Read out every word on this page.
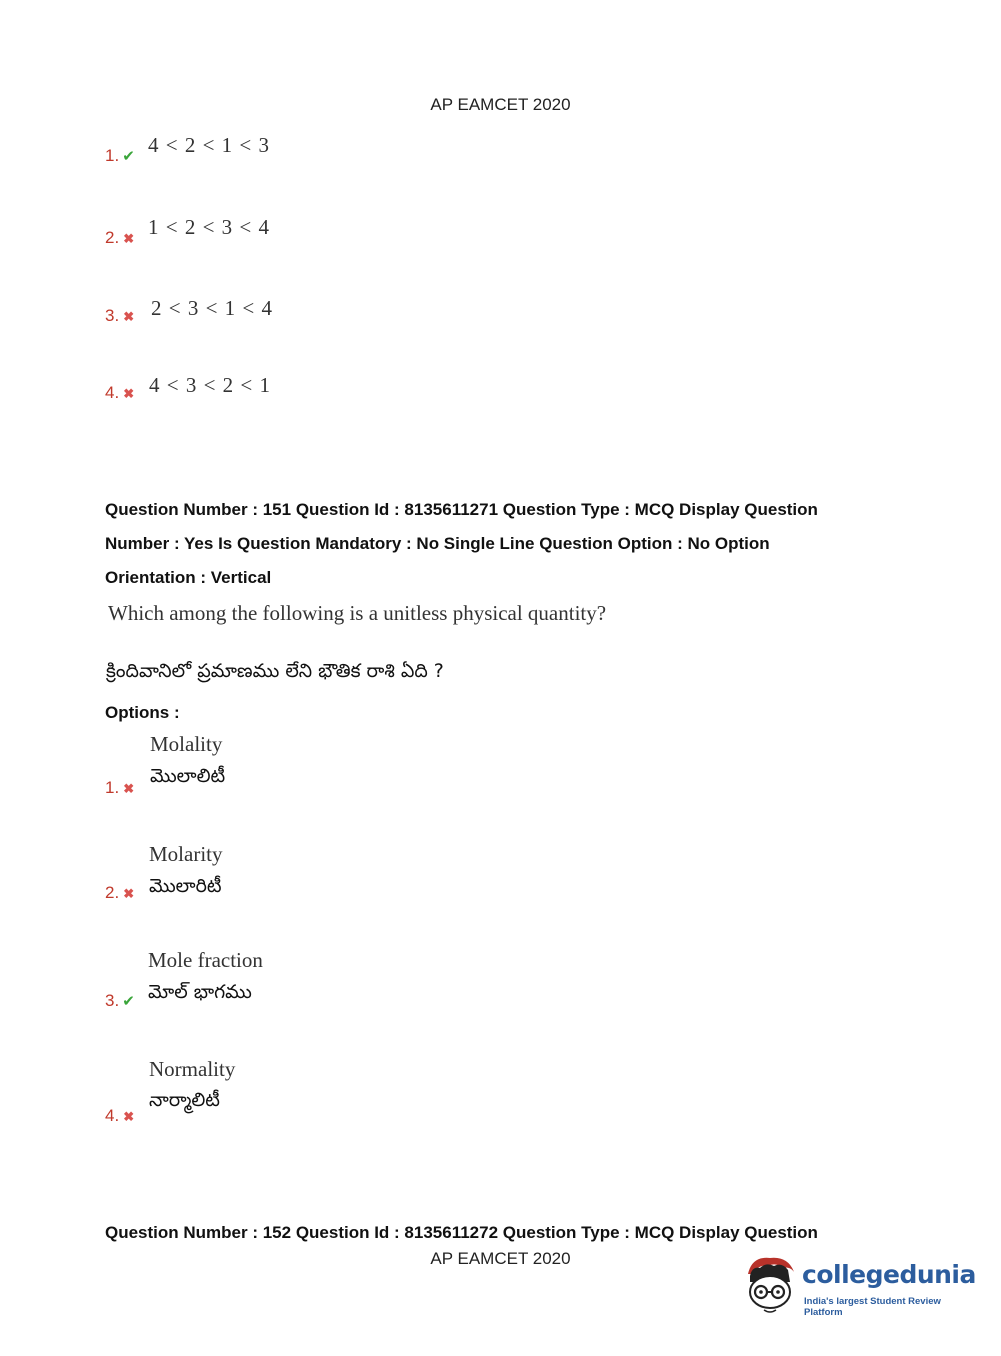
AP EAMCET 2020
1. ✔ 4 < 2 < 1 < 3
2. ✖ 1 < 2 < 3 < 4
3. ✖ 2 < 3 < 1 < 4
4. ✖ 4 < 3 < 2 < 1
Question Number : 151 Question Id : 8135611271 Question Type : MCQ Display Question
Number : Yes Is Question Mandatory : No Single Line Question Option : No Option
Orientation : Vertical
Which among the following is a unitless physical quantity?
క్రిందివానిలో ప్రమాణము లేని భౌతిక రాశి ఏది ?
Options :
Molality
మొలాలిటీ
1. ✖
Molarity
మొలారిటీ
2. ✖
Mole fraction
మోల్ భాగము
3. ✔
Normality
నార్మాలిటీ
4. ✖
Question Number : 152 Question Id : 8135611272 Question Type : MCQ Display Question
AP EAMCET 2020
collegedunia
India's largest Student Review Platform
